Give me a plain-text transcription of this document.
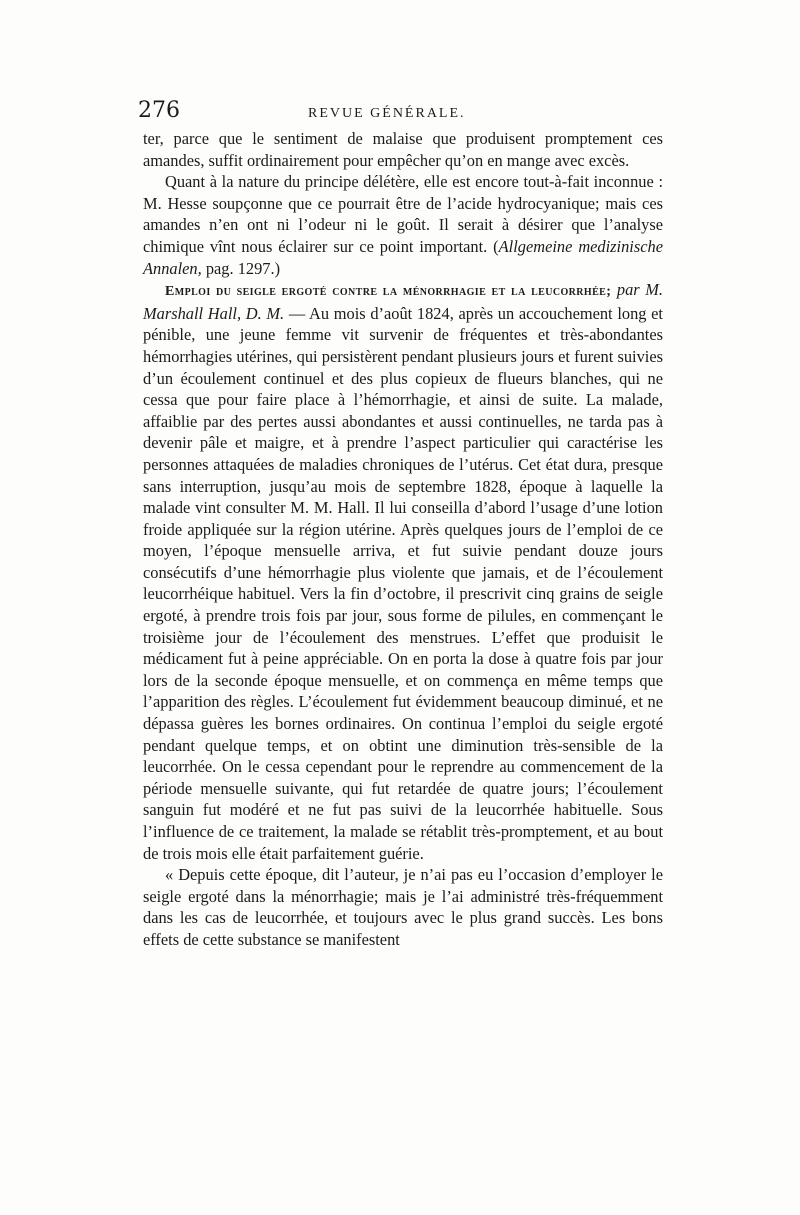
276	REVUE GÉNÉRALE.

ter, parce que le sentiment de malaise que produisent promptement ces amandes, suffit ordinairement pour empêcher qu’on en mange avec excès.

Quant à la nature du principe délétère, elle est encore tout-à-fait inconnue : M. Hesse soupçonne que ce pourrait être de l’acide hydrocyanique; mais ces amandes n’en ont ni l’odeur ni le goût. Il serait à désirer que l’analyse chimique vînt nous éclairer sur ce point important. (Allgemeine medizinische Annalen, pag. 1297.)

Emploi du seigle ergoté contre la ménorrhagie et la leucorrhée; par M. Marshall Hall, D. M. — Au mois d’août 1824, après un accouchement long et pénible, une jeune femme vit survenir de fréquentes et très-abondantes hémorrhagies utérines, qui persistèrent pendant plusieurs jours et furent suivies d’un écoulement continuel et des plus copieux de flueurs blanches, qui ne cessa que pour faire place à l’hémorrhagie, et ainsi de suite. La malade, affaiblie par des pertes aussi abondantes et aussi continuelles, ne tarda pas à devenir pâle et maigre, et à prendre l’aspect particulier qui caractérise les personnes attaquées de maladies chroniques de l’utérus. Cet état dura, presque sans interruption, jusqu’au mois de septembre 1828, époque à laquelle la malade vint consulter M. M. Hall. Il lui conseilla d’abord l’usage d’une lotion froide appliquée sur la région utérine. Après quelques jours de l’emploi de ce moyen, l’époque mensuelle arriva, et fut suivie pendant douze jours consécutifs d’une hémorrhagie plus violente que jamais, et de l’écoulement leucorrhéique habituel. Vers la fin d’octobre, il prescrivit cinq grains de seigle ergoté, à prendre trois fois par jour, sous forme de pilules, en commençant le troisième jour de l’écoulement des menstrues. L’effet que produisit le médicament fut à peine appréciable. On en porta la dose à quatre fois par jour lors de la seconde époque mensuelle, et on commença en même temps que l’apparition des règles. L’écoulement fut évidemment beaucoup diminué, et ne dépassa guères les bornes ordinaires. On continua l’emploi du seigle ergoté pendant quelque temps, et on obtint une diminution très-sensible de la leucorrhée. On le cessa cependant pour le reprendre au commencement de la période mensuelle suivante, qui fut retardée de quatre jours; l’écoulement sanguin fut modéré et ne fut pas suivi de la leucorrhée habituelle. Sous l’influence de ce traitement, la malade se rétablit très-promptement, et au bout de trois mois elle était parfaitement guérie.

« Depuis cette époque, dit l’auteur, je n’ai pas eu l’occasion d’employer le seigle ergoté dans la ménorrhagie; mais je l’ai administré très-fréquemment dans les cas de leucorrhée, et toujours avec le plus grand succès. Les bons effets de cette substance se manifestent
